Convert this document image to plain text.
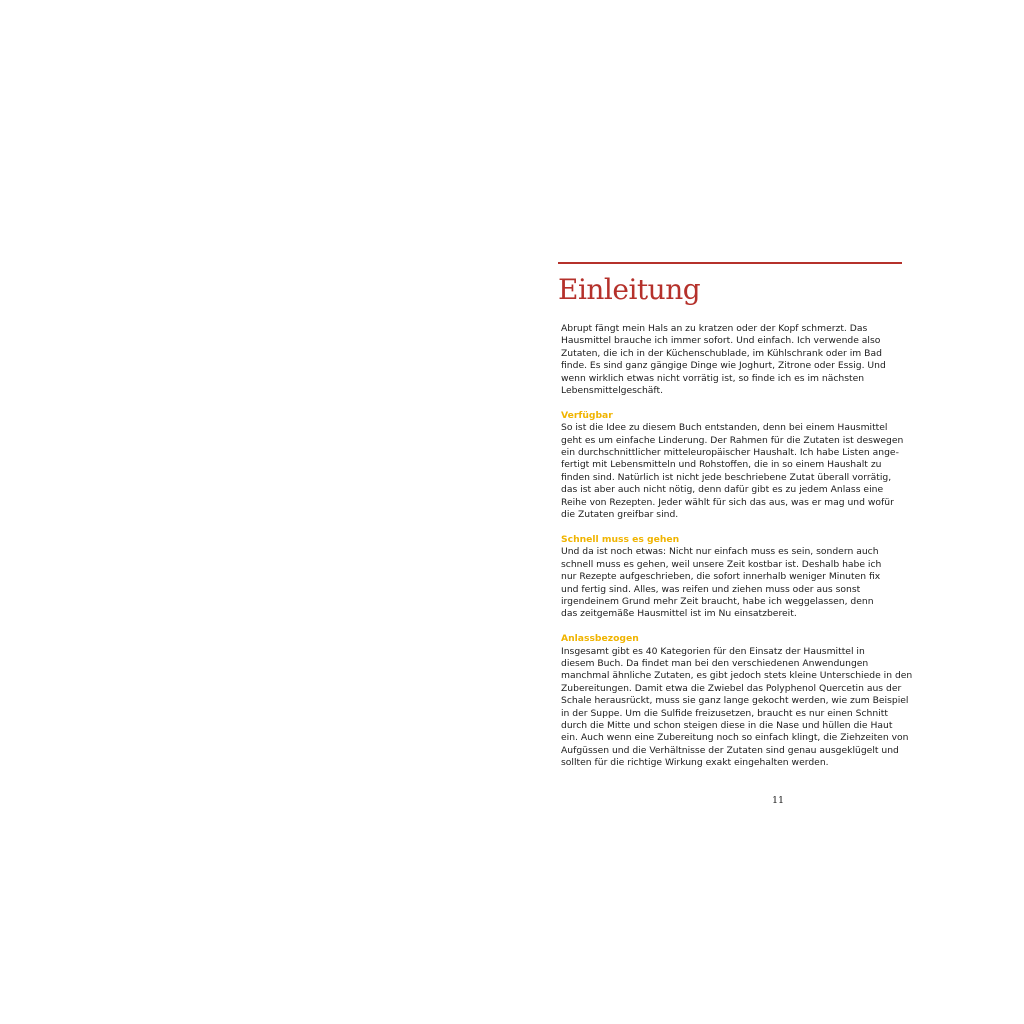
Einleitung

Abrupt fängt mein Hals an zu kratzen oder der Kopf schmerzt. Das

Hausmittel brauche ich immer sofort. Und einfach. Ich verwende also

Zutaten, die ich in der Küchenschublade, im Kühlschrank oder im Bad

finde. Es sind ganz gängige Dinge wie Joghurt, Zitrone oder Essig. Und

wenn wirklich etwas nicht vorrätig ist, so finde ich es im nächsten

Lebensmittelgeschäft.

Verfügbar

So ist die Idee zu diesem Buch entstanden, denn bei einem Hausmittel

geht es um einfache Linderung. Der Rahmen für die Zutaten ist deswegen

ein durchschnittlicher mitteleuropäischer Haushalt. Ich habe Listen ange-

fertigt mit Lebensmitteln und Rohstoffen, die in so einem Haushalt zu

finden sind. Natürlich ist nicht jede beschriebene Zutat überall vorrätig,

das ist aber auch nicht nötig, denn dafür gibt es zu jedem Anlass eine

Reihe von Rezepten. Jeder wählt für sich das aus, was er mag und wofür

die Zutaten greifbar sind.

Schnell muss es gehen

Und da ist noch etwas: Nicht nur einfach muss es sein, sondern auch

schnell muss es gehen, weil unsere Zeit kostbar ist. Deshalb habe ich

nur Rezepte aufgeschrieben, die sofort innerhalb weniger Minuten fix

und fertig sind. Alles, was reifen und ziehen muss oder aus sonst

irgendeinem Grund mehr Zeit braucht, habe ich weggelassen, denn

das zeitgemäße Hausmittel ist im Nu einsatzbereit.

Anlassbezogen

Insgesamt gibt es 40 Kategorien für den Einsatz der Hausmittel in

diesem Buch. Da findet man bei den verschiedenen Anwendungen

manchmal ähnliche Zutaten, es gibt jedoch stets kleine Unterschiede in den

Zubereitungen. Damit etwa die Zwiebel das Polyphenol Quercetin aus der

Schale herausrückt, muss sie ganz lange gekocht werden, wie zum Beispiel

in der Suppe. Um die Sulfide freizusetzen, braucht es nur einen Schnitt

durch die Mitte und schon steigen diese in die Nase und hüllen die Haut

ein. Auch wenn eine Zubereitung noch so einfach klingt, die Ziehzeiten von

Aufgüssen und die Verhältnisse der Zutaten sind genau ausgeklügelt und

sollten für die richtige Wirkung exakt eingehalten werden.

11
